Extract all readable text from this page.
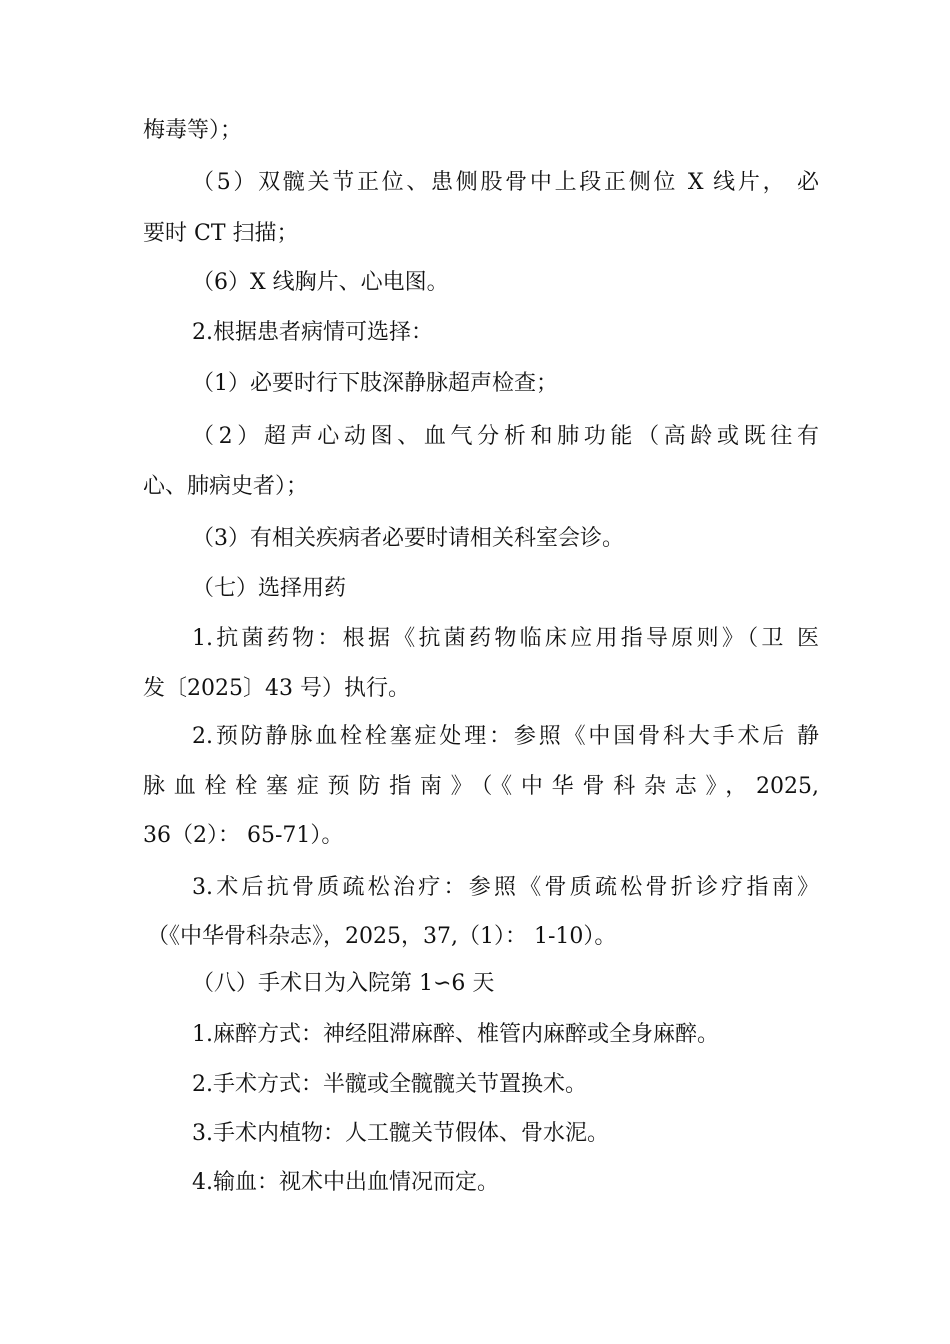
梅毒等）；
（5）双髋关节正位、患侧股骨中上段正侧位 X 线片， 必
要时 CT 扫描；
（6）X 线胸片、心电图。
2.根据患者病情可选择：
（1）必要时行下肢深静脉超声检查；
（2）超声心动图、血气分析和肺功能（高龄或既往有
心、肺病史者）；
（3）有相关疾病者必要时请相关科室会诊。
（七）选择用药
1.抗菌药物：根据《抗菌药物临床应用指导原则》（卫 医
发〔2025〕43 号）执行。
2.预防静脉血栓栓塞症处理：参照《中国骨科大手术后 静
脉血栓栓塞症预防指南》（《中华骨科杂志》，2025,
36（2）： 65-71）。
3.术后抗骨质疏松治疗：参照《骨质疏松骨折诊疗指南》
（《中华骨科杂志》，2025，37,（1）： 1-10）。
（八）手术日为入院第 1∽6 天
1.麻醉方式：神经阻滞麻醉、椎管内麻醉或全身麻醉。
2.手术方式：半髋或全髋髋关节置换术。
3.手术内植物：人工髋关节假体、骨水泥。
4.输血：视术中出血情况而定。
